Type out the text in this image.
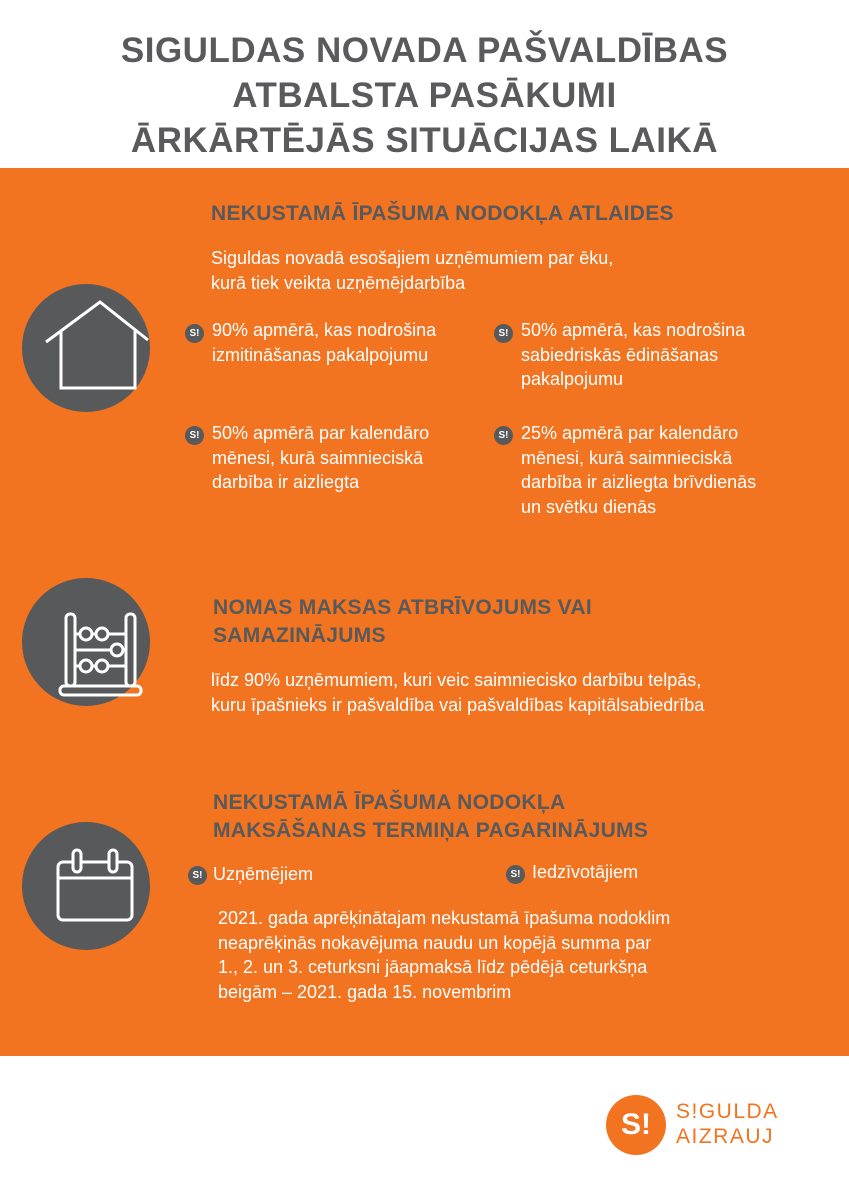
SIGULDAS NOVADA PAŠVALDĪBAS
ATBALSTA PASĀKUMI
ĀRKĀRTĒJĀS SITUĀCIJAS LAIKĀ
NEKUSTAMĀ ĪPAŠUMA NODOKĻA ATLAIDES
Siguldas novadā esošajiem uzņēmumiem par ēku,
kurā tiek veikta uzņēmējdarbība
S! 90% apmērā, kas nodrošina
izmitināšanas pakalpojumu
S! 50% apmērā, kas nodrošina
sabiedriskās ēdināšanas
pakalpojumu
S! 50% apmērā par kalendāro
mēnesi, kurā saimnieciskā
darbība ir aizliegta
S! 25% apmērā par kalendāro
mēnesi, kurā saimnieciskā
darbība ir aizliegta brīvdienās
un svētku dienās
NOMAS MAKSAS ATBRĪVOJUMS VAI
SAMAZINĀJUMS
līdz 90% uzņēmumiem, kuri veic saimniecisko darbību telpās,
kuru īpašnieks ir pašvaldība vai pašvaldības kapitālsabiedrība
NEKUSTAMĀ ĪPAŠUMA NODOKĻA
MAKSĀŠANAS TERMIŅA PAGARINĀJUMS
S! Uzņēmējiem	S! Iedzīvotājiem
2021. gada aprēķinātajam nekustamā īpašuma nodoklim
neaprēķinās nokavējuma naudu un kopējā summa par
1., 2. un 3. ceturksni jāapmaksā līdz pēdējā ceturkšņa
beigām – 2021. gada 15. novembrim
S!	S!GULDA
AIZRAUJ
